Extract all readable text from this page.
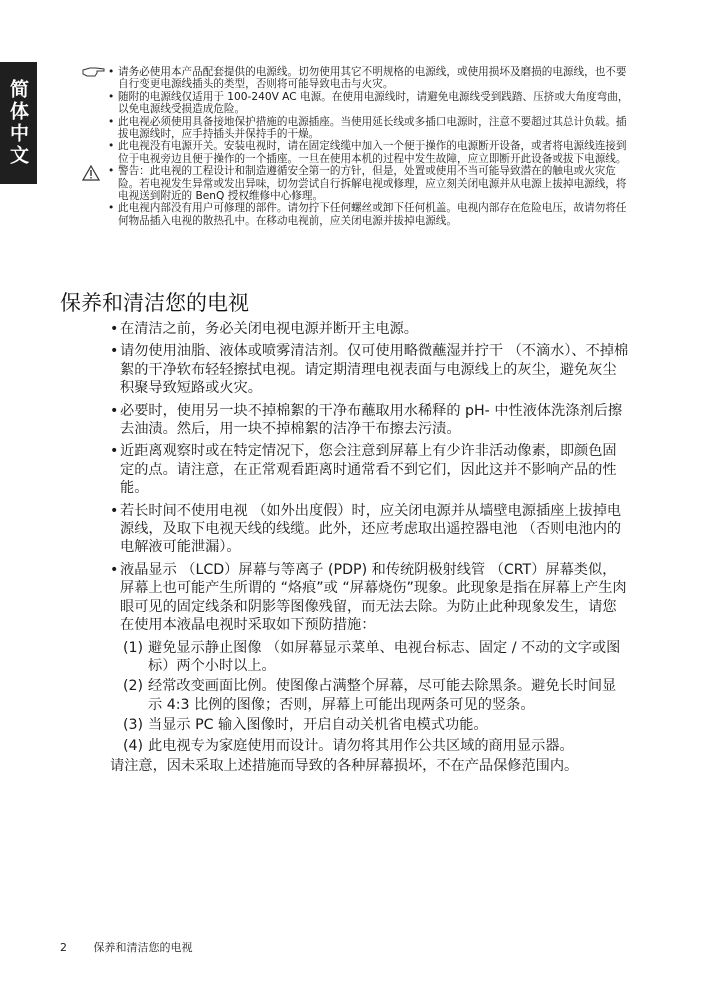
简体中文
• 请务必使用本产品配套提供的电源线。切勿使用其它不明规格的电源线，或使用损坏及磨损的电源线，也不要自行变更电源线插头的类型，否则将可能导致电击与火灾。
• 随附的电源线仅适用于 100-240V AC 电源。在使用电源线时，请避免电源线受到践踏、压挤或大角度弯曲，以免电源线受损造成危险。
• 此电视必须使用具备接地保护措施的电源插座。当使用延长线或多插口电源时，注意不要超过其总计负载。插拔电源线时，应手持插头并保持手的干燥。
• 此电视没有电源开关。安装电视时，请在固定线缆中加入一个便于操作的电源断开设备，或者将电源线连接到位于电视旁边且便于操作的一个插座。一旦在使用本机的过程中发生故障，应立即断开此设备或拔下电源线。
• 警告：此电视的工程设计和制造遵循安全第一的方针，但是，处置或使用不当可能导致潜在的触电或火灾危险。若电视发生异常或发出异味，切勿尝试自行拆解电视或修理，应立刻关闭电源并从电源上拔掉电源线，将电视送到附近的 BenQ 授权维修中心修理。
• 此电视内部没有用户可修理的部件。请勿拧下任何螺丝或卸下任何机盖。电视内部存在危险电压，故请勿将任何物品插入电视的散热孔中。在移动电视前，应关闭电源并拔掉电源线。
保养和清洁您的电视
• 在清洁之前，务必关闭电视电源并断开主电源。
• 请勿使用油脂、液体或喷雾清洁剂。仅可使用略微蘸湿并拧干 （不滴水）、不掉棉絮的干净软布轻轻擦拭电视。请定期清理电视表面与电源线上的灰尘，避免灰尘积聚导致短路或火灾。
• 必要时，使用另一块不掉棉絮的干净布蘸取用水稀释的 pH- 中性液体洗涤剂后擦去油渍。然后，用一块不掉棉絮的洁净干布擦去污渍。
• 近距离观察时或在特定情况下，您会注意到屏幕上有少许非活动像素，即颜色固定的点。请注意，在正常观看距离时通常看不到它们，因此这并不影响产品的性能。
• 若长时间不使用电视 （如外出度假）时，应关闭电源并从墙壁电源插座上拔掉电源线，及取下电视天线的线缆。此外，还应考虑取出遥控器电池 （否则电池内的电解液可能泄漏）。
• 液晶显示 （LCD）屏幕与等离子 (PDP) 和传统阴极射线管 （CRT）屏幕类似，屏幕上也可能产生所谓的 “烙痕”或 “屏幕烧伤”现象。此现象是指在屏幕上产生肉眼可见的固定线条和阴影等图像残留，而无法去除。为防止此种现象发生，请您在使用本液晶电视时采取如下预防措施：
(1) 避免显示静止图像 （如屏幕显示菜单、电视台标志、固定 / 不动的文字或图标）两个小时以上。
(2) 经常改变画面比例。使图像占满整个屏幕，尽可能去除黑条。避免长时间显示 4:3 比例的图像；否则，屏幕上可能出现两条可见的竖条。
(3) 当显示 PC 输入图像时，开启自动关机省电模式功能。
(4) 此电视专为家庭使用而设计。请勿将其用作公共区域的商用显示器。
请注意，因未采取上述措施而导致的各种屏幕损坏，不在产品保修范围内。
2 保养和清洁您的电视
